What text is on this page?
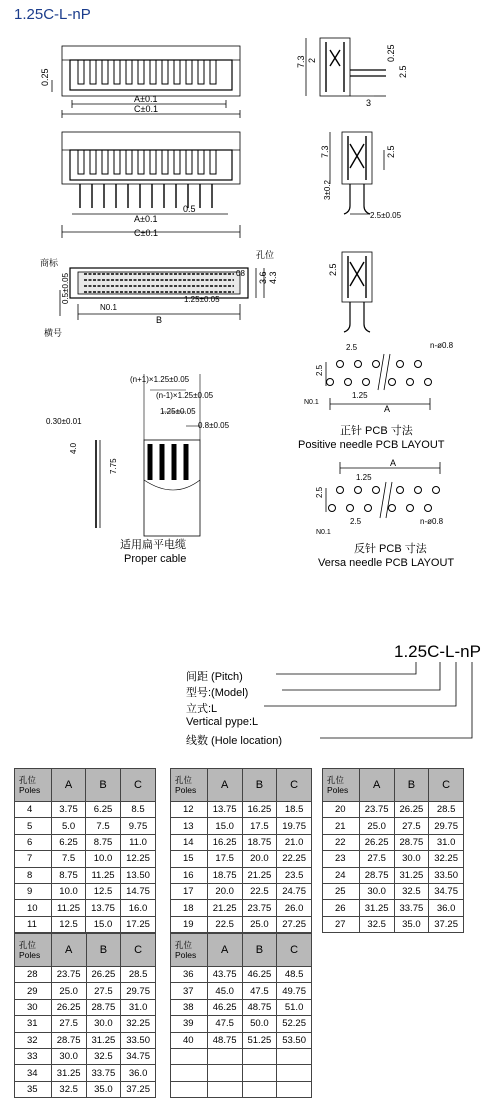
1.25C-L-nP
0.25
A±0.1
C±0.1
7.3 2	0.25
2.5
3
A±0.1
0.5
C±0.1
7.3	2.5
3±0.2
2.5±0.05
商标
孔位
08 3.6 4.3
N0.1
1.25±0.05
0.5±0.05
横号
B
2.5
2.5	n-ø0.8
2.5
N0.1
1.25
A
正针 PCB 寸法
Positive needle PCB LAYOUT
(n+1)×1.25±0.05
(n-1)×1.25±0.05
1.25±0.05
0.8±0.05
0.30±0.01
4.0
7.75
适用扁平电缆
Proper cable
A
1.25
2.5
N0.1
2.5	n-ø0.8
反针 PCB 寸法
Versa needle PCB LAYOUT
1.25C-L-nP
间距 (Pitch)
型号:(Model)
立式:L
Vertical pype:L
线数 (Hole location)
孔位
Poles	A	B	C
4	3.75	6.25	8.5
5	5.0	7.5	9.75
6	6.25	8.75	11.0
7	7.5	10.0	12.25
8	8.75	11.25	13.50
9	10.0	12.5	14.75
10	11.25	13.75	16.0
11	12.5	15.0	17.25
孔位
Poles	A	B	C
12	13.75	16.25	18.5
13	15.0	17.5	19.75
14	16.25	18.75	21.0
15	17.5	20.0	22.25
16	18.75	21.25	23.5
17	20.0	22.5	24.75
18	21.25	23.75	26.0
19	22.5	25.0	27.25
孔位
Poles	A	B	C
20	23.75	26.25	28.5
21	25.0	27.5	29.75
22	26.25	28.75	31.0
23	27.5	30.0	32.25
24	28.75	31.25	33.50
25	30.0	32.5	34.75
26	31.25	33.75	36.0
27	32.5	35.0	37.25
孔位
Poles	A	B	C
28	23.75	26.25	28.5
29	25.0	27.5	29.75
30	26.25	28.75	31.0
31	27.5	30.0	32.25
32	28.75	31.25	33.50
33	30.0	32.5	34.75
34	31.25	33.75	36.0
35	32.5	35.0	37.25
孔位
Poles	A	B	C
36	43.75	46.25	48.5
37	45.0	47.5	49.75
38	46.25	48.75	51.0
39	47.5	50.0	52.25
40	48.75	51.25	53.50
